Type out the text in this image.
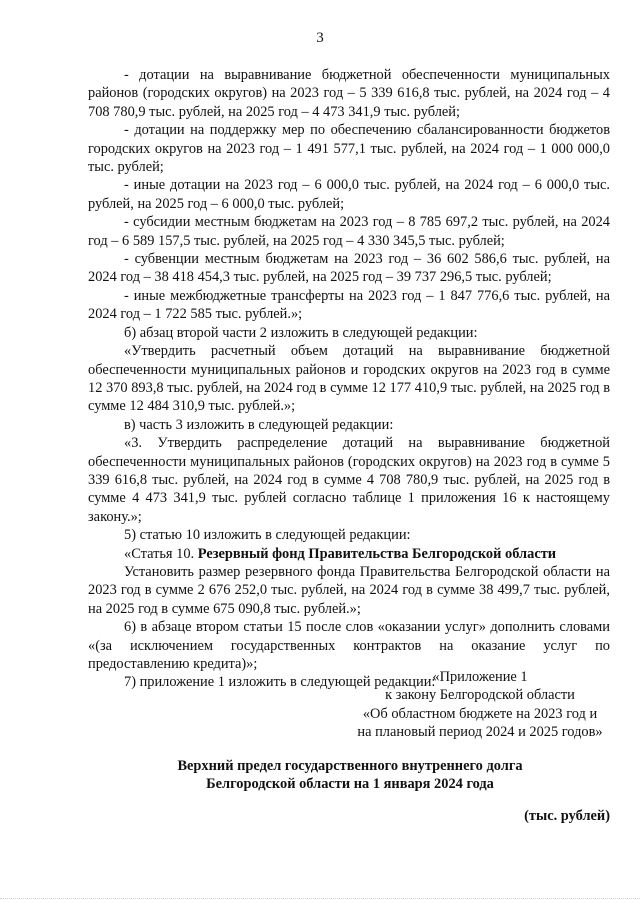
3

- дотации на выравнивание бюджетной обеспеченности муниципальных районов (городских округов) на 2023 год – 5 339 616,8 тыс. рублей, на 2024 год – 4 708 780,9 тыс. рублей, на 2025 год – 4 473 341,9 тыс. рублей;

- дотации на поддержку мер по обеспечению сбалансированности бюджетов городских округов на 2023 год – 1 491 577,1 тыс. рублей, на 2024 год – 1 000 000,0 тыс. рублей;

- иные дотации на 2023 год – 6 000,0 тыс. рублей, на 2024 год – 6 000,0 тыс. рублей, на 2025 год – 6 000,0 тыс. рублей;

- субсидии местным бюджетам на 2023 год – 8 785 697,2 тыс. рублей, на 2024 год – 6 589 157,5 тыс. рублей, на 2025 год – 4 330 345,5 тыс. рублей;

- субвенции местным бюджетам на 2023 год – 36 602 586,6 тыс. рублей, на 2024 год – 38 418 454,3 тыс. рублей, на 2025 год – 39 737 296,5 тыс. рублей;

- иные межбюджетные трансферты на 2023 год – 1 847 776,6 тыс. рублей, на 2024 год – 1 722 585 тыс. рублей.»;

б) абзац второй части 2 изложить в следующей редакции:

«Утвердить расчетный объем дотаций на выравнивание бюджетной обеспеченности муниципальных районов и городских округов на 2023 год в сумме 12 370 893,8 тыс. рублей, на 2024 год в сумме 12 177 410,9 тыс. рублей, на 2025 год в сумме 12 484 310,9 тыс. рублей.»;

в) часть 3 изложить в следующей редакции:

«3. Утвердить распределение дотаций на выравнивание бюджетной обеспеченности муниципальных районов (городских округов) на 2023 год в сумме 5 339 616,8 тыс. рублей, на 2024 год в сумме 4 708 780,9 тыс. рублей, на 2025 год в сумме 4 473 341,9 тыс. рублей согласно таблице 1 приложения 16 к настоящему закону.»;

5) статью 10 изложить в следующей редакции:

«Статья 10. Резервный фонд Правительства Белгородской области

Установить размер резервного фонда Правительства Белгородской области на 2023 год в сумме 2 676 252,0 тыс. рублей, на 2024 год в сумме 38 499,7 тыс. рублей, на 2025 год в сумме 675 090,8 тыс. рублей.»;

6) в абзаце втором статьи 15 после слов «оказании услуг» дополнить словами «(за исключением государственных контрактов на оказание услуг по предоставлению кредита)»;

7) приложение 1 изложить в следующей редакции:

«Приложение 1
к закону Белгородской области
«Об областном бюджете на 2023 год и
на плановый период 2024 и 2025 годов»
Верхний предел государственного внутреннего долга
Белгородской области на 1 января 2024 года
(тыс. рублей)
